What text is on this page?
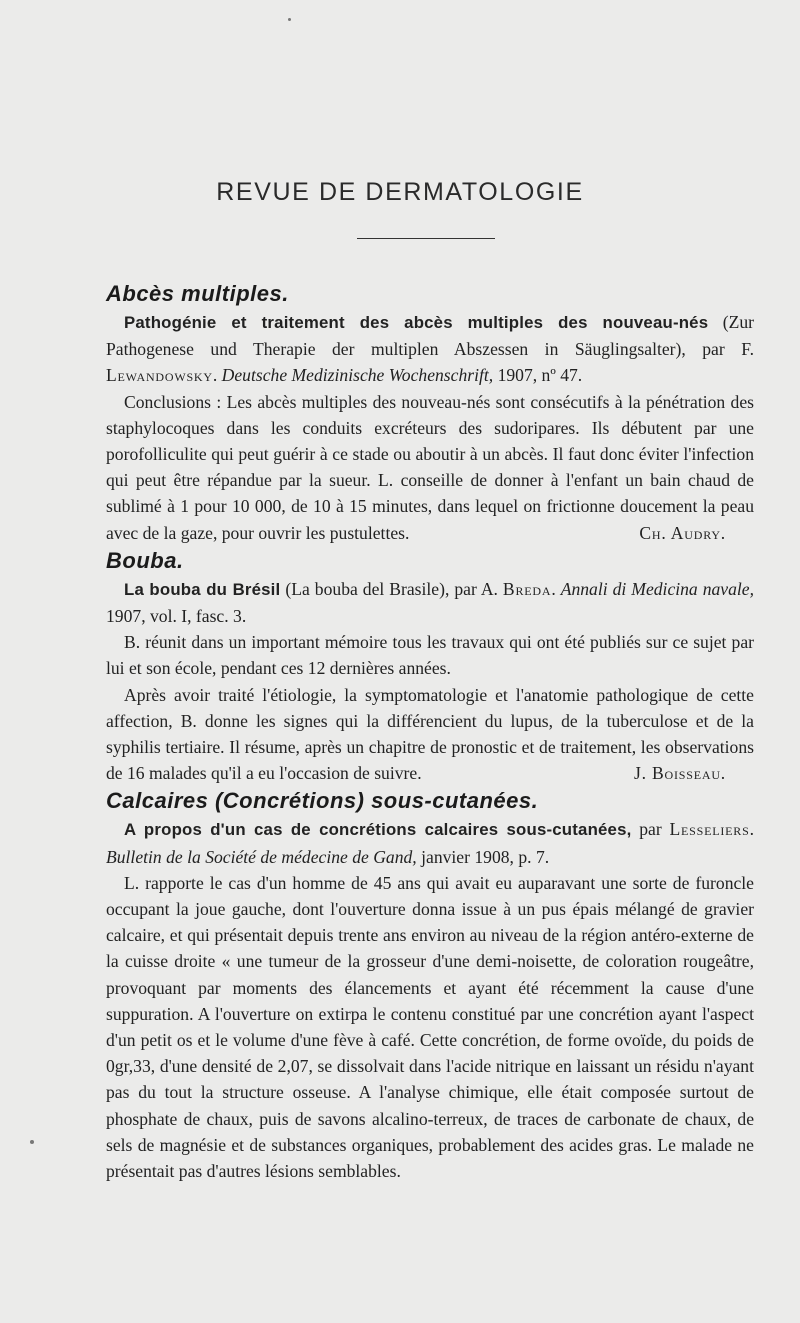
REVUE DE DERMATOLOGIE
Abcès multiples.

Pathogénie et traitement des abcès multiples des nouveau-nés (Zur Pathogenese und Therapie der multiplen Abszessen in Säuglingsalter), par F. Lewandowsky. Deutsche Medizinische Wochenschrift, 1907, nº 47.

Conclusions : Les abcès multiples des nouveau-nés sont consécutifs à la pénétration des staphylocoques dans les conduits excréteurs des sudoripares. Ils débutent par une porofolliculite qui peut guérir à ce stade ou aboutir à un abcès. Il faut donc éviter l'infection qui peut être répandue par la sueur. L. conseille de donner à l'enfant un bain chaud de sublimé à 1 pour 10 000, de 10 à 15 minutes, dans lequel on frictionne doucement la peau avec de la gaze, pour ouvrir les pustulettes.	Ch. Audry.

Bouba.

La bouba du Brésil (La bouba del Brasile), par A. Breda. Annali di Medicina navale, 1907, vol. I, fasc. 3.

B. réunit dans un important mémoire tous les travaux qui ont été publiés sur ce sujet par lui et son école, pendant ces 12 dernières années.

Après avoir traité l'étiologie, la symptomatologie et l'anatomie pathologique de cette affection, B. donne les signes qui la différencient du lupus, de la tuberculose et de la syphilis tertiaire. Il résume, après un chapitre de pronostic et de traitement, les observations de 16 malades qu'il a eu l'occasion de suivre.	J. Boisseau.

Calcaires (Concrétions) sous-cutanées.

A propos d'un cas de concrétions calcaires sous-cutanées, par Lesseliers. Bulletin de la Société de médecine de Gand, janvier 1908, p. 7.

L. rapporte le cas d'un homme de 45 ans qui avait eu auparavant une sorte de furoncle occupant la joue gauche, dont l'ouverture donna issue à un pus épais mélangé de gravier calcaire, et qui présentait depuis trente ans environ au niveau de la région antéro-externe de la cuisse droite « une tumeur de la grosseur d'une demi-noisette, de coloration rougeâtre, provoquant par moments des élancements et ayant été récemment la cause d'une suppuration. A l'ouverture on extirpa le contenu constitué par une concrétion ayant l'aspect d'un petit os et le volume d'une fève à café. Cette concrétion, de forme ovoïde, du poids de 0gr,33, d'une densité de 2,07, se dissolvait dans l'acide nitrique en laissant un résidu n'ayant pas du tout la structure osseuse. A l'analyse chimique, elle était composée surtout de phosphate de chaux, puis de savons alcalino-terreux, de traces de carbonate de chaux, de sels de magnésie et de substances organiques, probablement des acides gras. Le malade ne présentait pas d'autres lésions semblables.
